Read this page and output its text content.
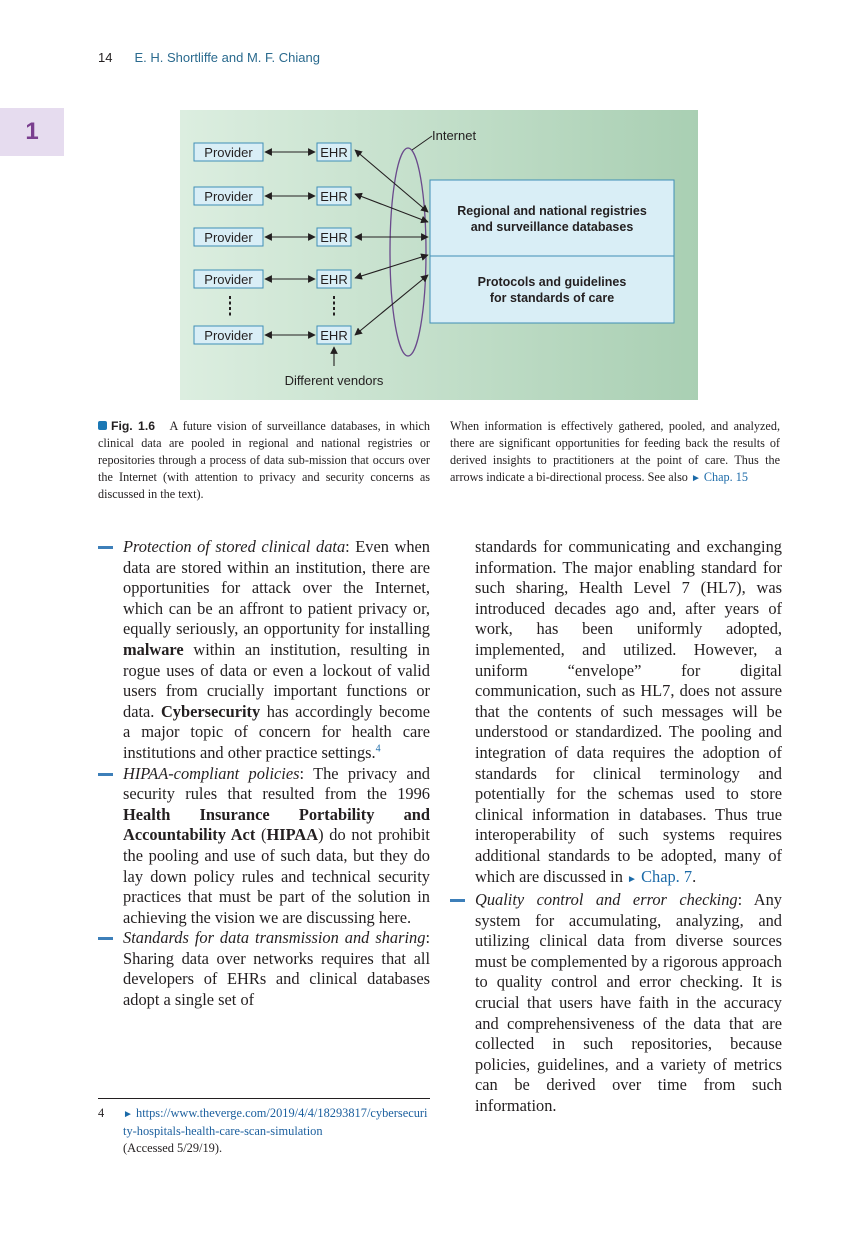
14 E. H. Shortliffe and M. F. Chiang
1
Provider
Provider
Provider
Provider
Provider
EHR
EHR
EHR
EHR
EHR
Internet
Different vendors
Regional and national registries
and surveillance databases
Protocols and guidelines
for standards of care
Fig. 1.6 A future vision of surveillance databases, in which clinical data are pooled in regional and national registries or repositories through a process of data sub-mission that occurs over the Internet (with attention to privacy and security concerns as discussed in the text).
When information is effectively gathered, pooled, and analyzed, there are significant opportunities for feeding back the results of derived insights to practitioners at the point of care. Thus the arrows indicate a bi-directional process. See also ► Chap. 15
Protection of stored clinical data: Even when data are stored within an institution, there are opportunities for attack over the Internet, which can be an affront to patient privacy or, equally seriously, an opportunity for installing malware within an institution, resulting in rogue uses of data or even a lockout of valid users from crucially important functions or data. Cybersecurity has accordingly become a major topic of concern for health care institutions and other practice settings.$^4$
HIPAA-compliant policies: The privacy and security rules that resulted from the 1996 Health Insurance Portability and Accountability Act (HIPAA) do not prohibit the pooling and use of such data, but they do lay down policy rules and technical security practices that must be part of the solution in achieving the vision we are discussing here.
Standards for data transmission and sharing: Sharing data over networks requires that all developers of EHRs and clinical databases adopt a single set of
standards for communicating and exchanging information. The major enabling standard for such sharing, Health Level 7 (HL7), was introduced decades ago and, after years of work, has been uniformly adopted, implemented, and utilized. However, a uniform “envelope” for digital communication, such as HL7, does not assure that the contents of such messages will be understood or standardized. The pooling and integration of data requires the adoption of standards for clinical terminology and potentially for the schemas used to store clinical information in databases. Thus true interoperability of such systems requires additional standards to be adopted, many of which are discussed in ► Chap. 7.
Quality control and error checking: Any system for accumulating, analyzing, and utilizing clinical data from diverse sources must be complemented by a rigorous approach to quality control and error checking. It is crucial that users have faith in the accuracy and comprehensiveness of the data that are collected in such repositories, because policies, guidelines, and a variety of metrics can be derived over time from such information.
4	► https://www.theverge.com/2019/4/4/18293817/cybersecurity-hospitals-health-care-scan-simulation
(Accessed 5/29/19).
